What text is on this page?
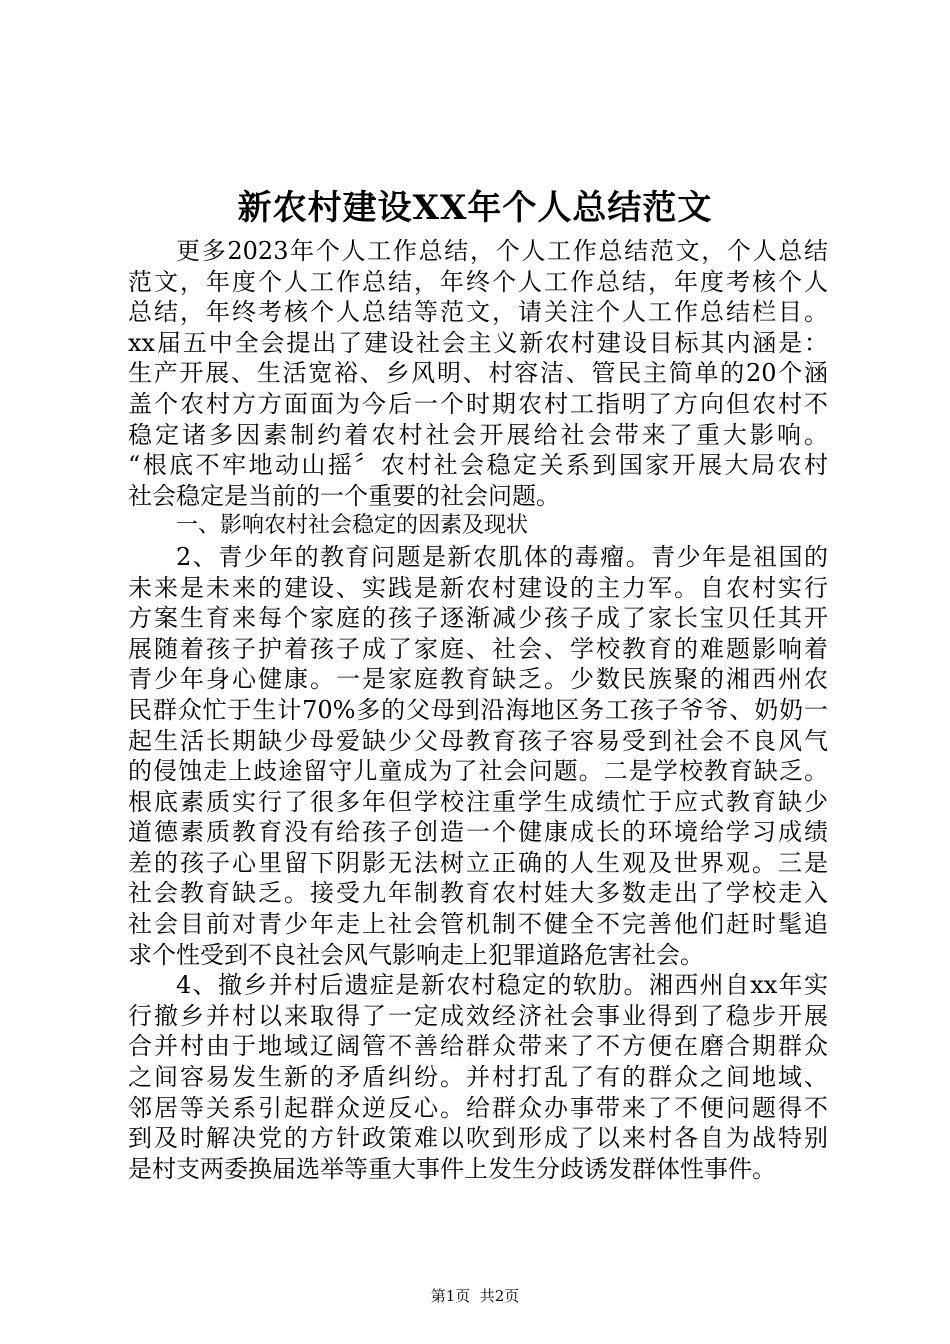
新农村建设XX年个人总结范文
更多2023年个人工作总结，个人工作总结范文，个人总结
范文，年度个人工作总结，年终个人工作总结，年度考核个人
总结，年终考核个人总结等范文，请关注个人工作总结栏目。
xx届五中全会提出了建设社会主义新农村建设目标其内涵是：
生产开展、生活宽裕、乡风明、村容洁、管民主简单的20个涵
盖个农村方方面面为今后一个时期农村工指明了方向但农村不
稳定诸多因素制约着农村社会开展给社会带来了重大影响。
“根底不牢地动山摇〞农村社会稳定关系到国家开展大局农村
社会稳定是当前的一个重要的社会问题。
一、影响农村社会稳定的因素及现状
2、青少年的教育问题是新农肌体的毒瘤。青少年是祖国的
未来是未来的建设、实践是新农村建设的主力军。自农村实行
方案生育来每个家庭的孩子逐渐减少孩子成了家长宝贝任其开
展随着孩子护着孩子成了家庭、社会、学校教育的难题影响着
青少年身心健康。一是家庭教育缺乏。少数民族聚的湘西州农
民群众忙于生计70%多的父母到沿海地区务工孩子爷爷、奶奶一
起生活长期缺少母爱缺少父母教育孩子容易受到社会不良风气
的侵蚀走上歧途留守儿童成为了社会问题。二是学校教育缺乏。
根底素质实行了很多年但学校注重学生成绩忙于应式教育缺少
道德素质教育没有给孩子创造一个健康成长的环境给学习成绩
差的孩子心里留下阴影无法树立正确的人生观及世界观。三是
社会教育缺乏。接受九年制教育农村娃大多数走出了学校走入
社会目前对青少年走上社会管机制不健全不完善他们赶时髦追
求个性受到不良社会风气影响走上犯罪道路危害社会。
4、撤乡并村后遗症是新农村稳定的软肋。湘西州自xx年实
行撤乡并村以来取得了一定成效经济社会事业得到了稳步开展
合并村由于地域辽阔管不善给群众带来了不方便在磨合期群众
之间容易发生新的矛盾纠纷。并村打乱了有的群众之间地域、
邻居等关系引起群众逆反心。给群众办事带来了不便问题得不
到及时解决党的方针政策难以吹到形成了以来村各自为战特别
是村支两委换届选举等重大事件上发生分歧诱发群体性事件。
第1页  共2页
